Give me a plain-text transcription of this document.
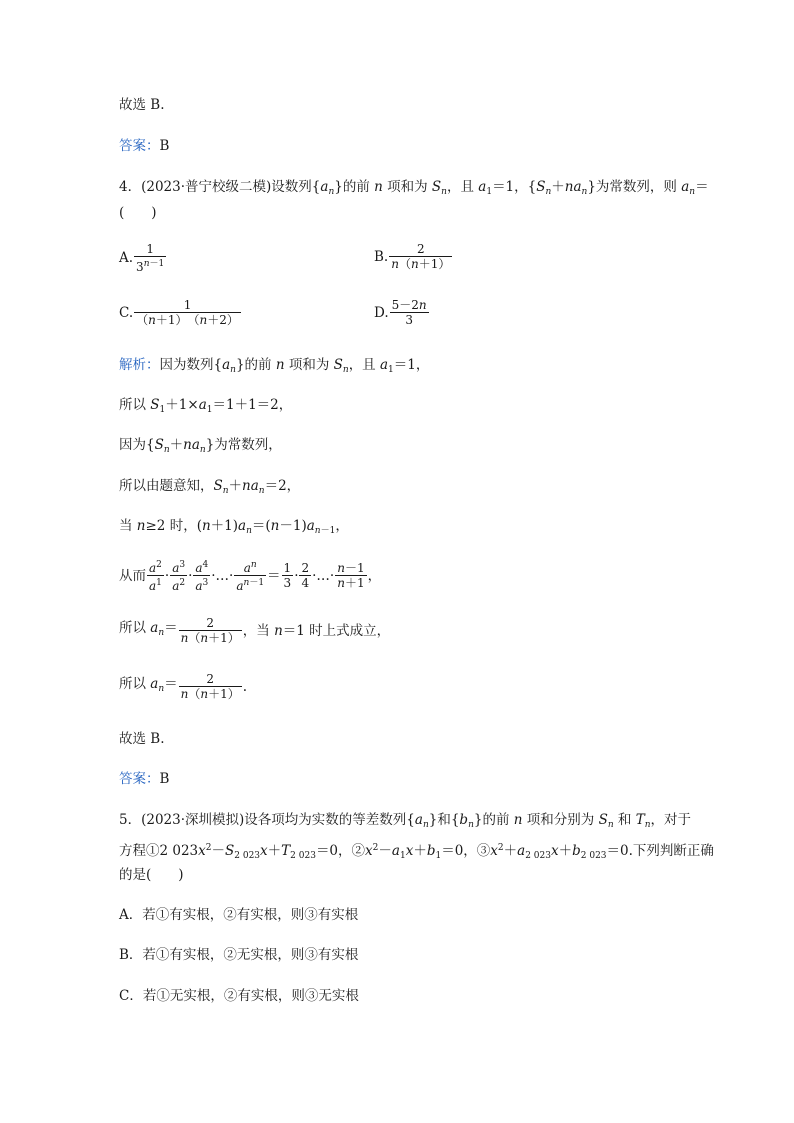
故选 B.
答案：B
4．(2023·普宁校级二模)设数列$\{a_n\}$的前 n 项和为 $S_n$，且 $a_1=1$，$\{S_n+na_n\}$为常数列，则 $a_n=$
(　　)
A. $\frac{1}{3^{n-1}}$	B. $\frac{2}{n(n+1)}$
C. $\frac{1}{(n+1) (n+2)}$	D. $\frac{5-2n}{3}$
解析：因为数列$\{a_n\}$的前 n 项和为 $S_n$，且 $a_1=1$，
所以 $S_1+1\times a_1=1+1=2$，
因为$\{S_n+na_n\}$为常数列，
所以由题意知，$S_n+na_n=2$，
当 n≥2 时，$(n+1)a_n=(n-1)a_{n-1}$，
从而 $\frac{a^2}{a^1} \cdot \frac{a^3}{a^2} \cdot \frac{a^4}{a^3}$ ·…· $\frac{a^n}{a^{n-1}} = \frac{1}{3} \cdot \frac{2}{4}$ ·…· $\frac{n-1}{n+1}$ ，
所以 $a_n= \frac{2}{n(n+1)}$ ，当 n＝1 时上式成立，
所以 $a_n= \frac{2}{n(n+1)}$ .
故选 B.
答案：B
5．(2023·深圳模拟)设各项均为实数的等差数列$\{a_n\}$和$\{b_n\}$的前 n 项和分别为 $S_n$ 和 $T_n$，对于
方程①2 $023x^2-S_{2 023}x+T_{2 023}=0$，$②x^2-a_1x+b_1=0$，$③x^2+a_{2 023}x+b_{2 023}=0$.下列判断正确
的是(　　)
A．若①有实根，②有实根，则③有实根
B．若①有实根，②无实根，则③有实根
C．若①无实根，②有实根，则③无实根
